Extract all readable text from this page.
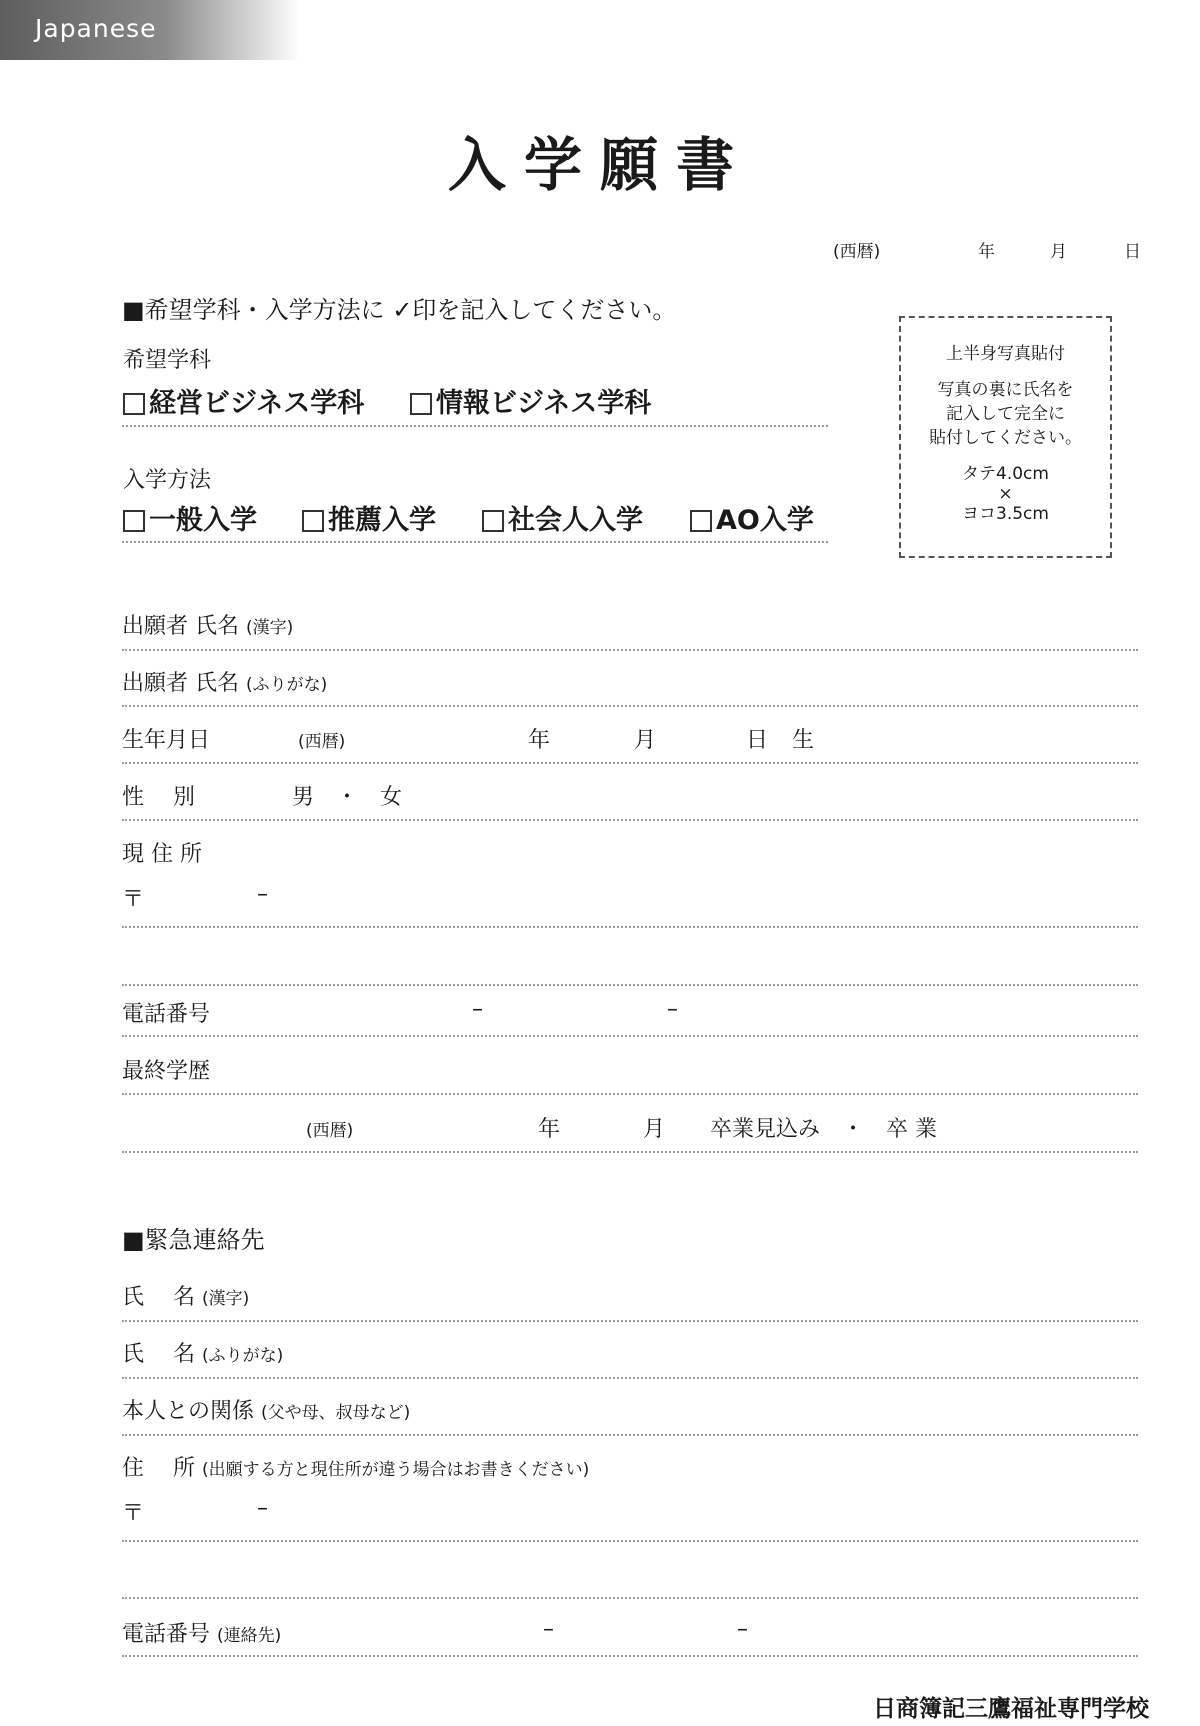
Japanese
入学願書
(西暦)	年	月	日
■希望学科・入学方法に ✓印を記入してください。
希望学科
経営ビジネス学科	情報ビジネス学科
入学方法
一般入学	推薦入学	社会人入学	AO入学
上半身写真貼付
写真の裏に氏名を
記入して完全に
貼付してください。
タテ4.0cm
×
ヨコ3.5cm
出願者 氏名 (漢字)
出願者 氏名 (ふりがな)
生年月日	(西暦)	年	月	日 生
性　 別	男　・　女
現 住 所
〒	–
電話番号	–	–
最終学歴
(西暦)	年	月 卒業見込み　・　卒 業
■緊急連絡先
氏　 名 (漢字)
氏　 名 (ふりがな)
本人との関係 (父や母、叔母など)
住　 所 (出願する方と現住所が違う場合はお書きください)
〒	–
電話番号 (連絡先)	–	–
日商簿記三鷹福祉専門学校
